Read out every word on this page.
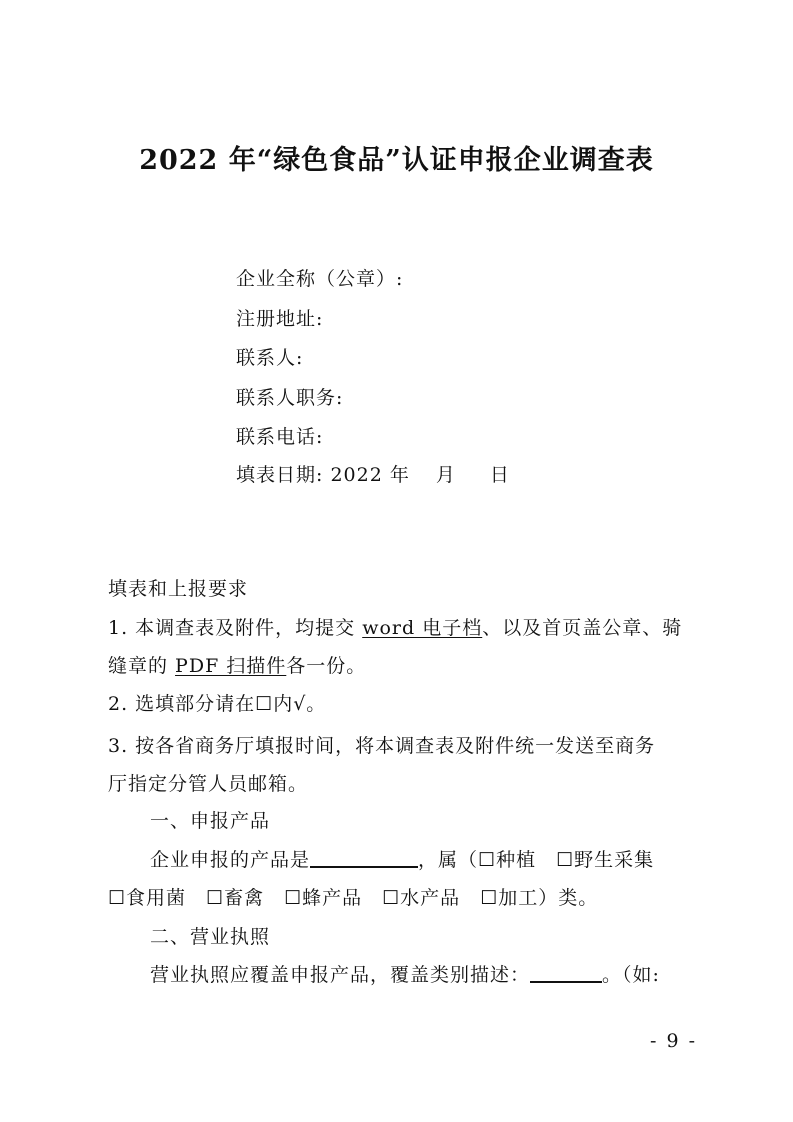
2022 年“绿色食品”认证申报企业调查表
企业全称（公章）:
注册地址:
联系人:
联系人职务:
联系电话:
填表日期: 2022 年 月 日
填表和上报要求
1. 本调查表及附件，均提交 word 电子档、以及首页盖公章、骑
缝章的 PDF 扫描件各一份。
2. 选填部分请在☐内√。
3. 按各省商务厅填报时间，将本调查表及附件统一发送至商务
厅指定分管人员邮箱。
一、申报产品
企业申报的产品是	，属（☐种植 ☐野生采集
☐食用菌 ☐畜禽 ☐蜂产品 ☐水产品 ☐加工）类。
二、营业执照
营业执照应覆盖申报产品，覆盖类别描述：	。（如:
- 9 -
